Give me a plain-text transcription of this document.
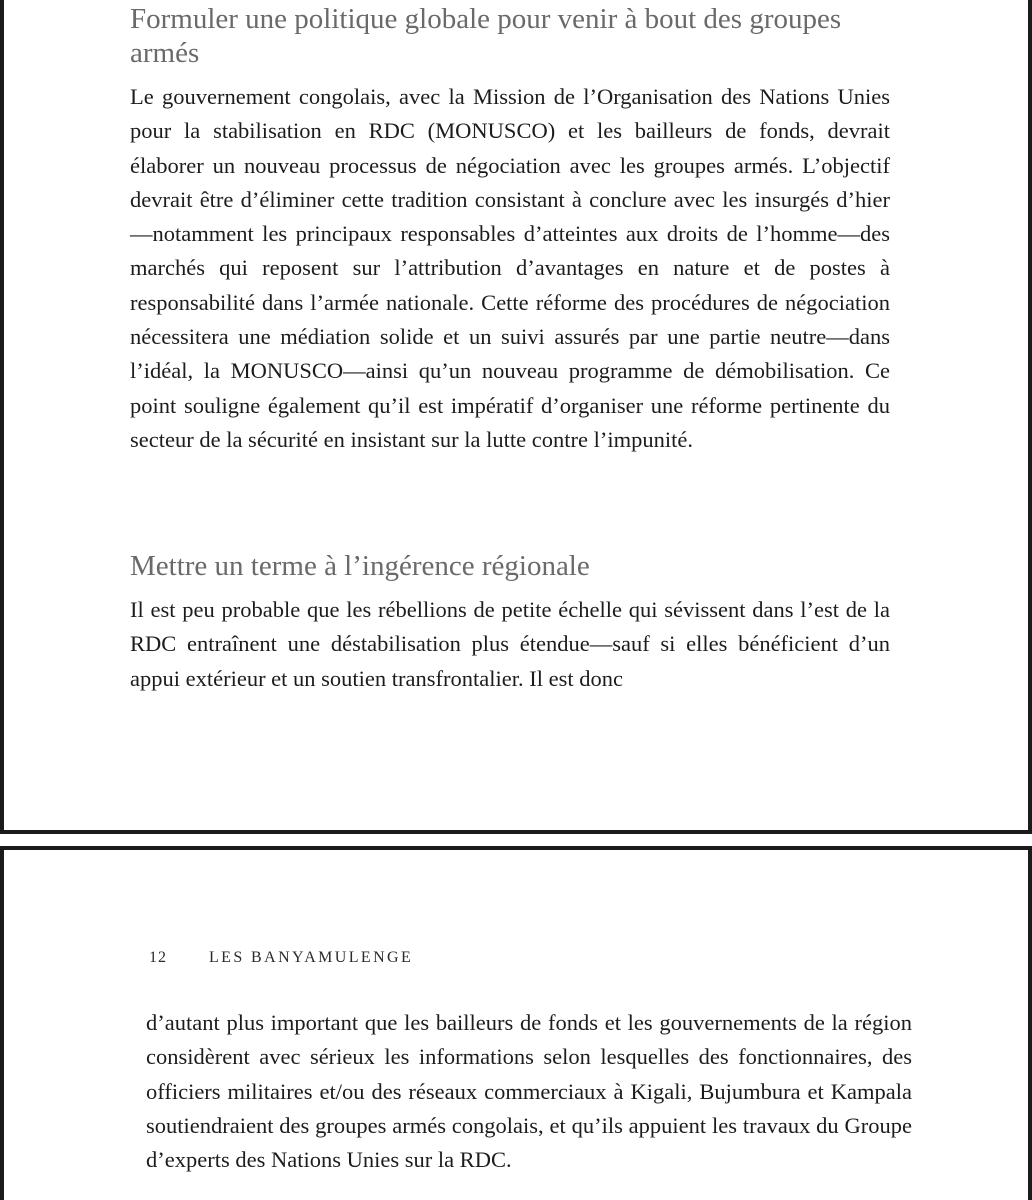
Formuler une politique globale pour venir à bout des groupes armés

Le gouvernement congolais, avec la Mission de l’Organisation des Nations Unies pour la stabilisation en RDC (MONUSCO) et les bailleurs de fonds, devrait élaborer un nouveau processus de négociation avec les groupes armés. L’objectif devrait être d’éliminer cette tradition consistant à conclure avec les insurgés d’hier—notamment les principaux responsables d’atteintes aux droits de l’homme—des marchés qui reposent sur l’attribution d’avantages en nature et de postes à responsabilité dans l’armée nationale. Cette réforme des procédures de négociation nécessitera une médiation solide et un suivi assurés par une partie neutre—dans l’idéal, la MONUSCO—ainsi qu’un nouveau programme de démobilisation. Ce point souligne également qu’il est impératif d’organiser une réforme pertinente du secteur de la sécurité en insistant sur la lutte contre l’impunité.

Mettre un terme à l’ingérence régionale

Il est peu probable que les rébellions de petite échelle qui sévissent dans l’est de la RDC entraînent une déstabilisation plus étendue—sauf si elles bénéficient d’un appui extérieur et un soutien transfrontalier. Il est donc

12	LES BANYAMULENGE

d’autant plus important que les bailleurs de fonds et les gouvernements de la région considèrent avec sérieux les informations selon lesquelles des fonctionnaires, des officiers militaires et/ou des réseaux commerciaux à Kigali, Bujumbura et Kampala soutiendraient des groupes armés congolais, et qu’ils appuient les travaux du Groupe d’experts des Nations Unies sur la RDC.
